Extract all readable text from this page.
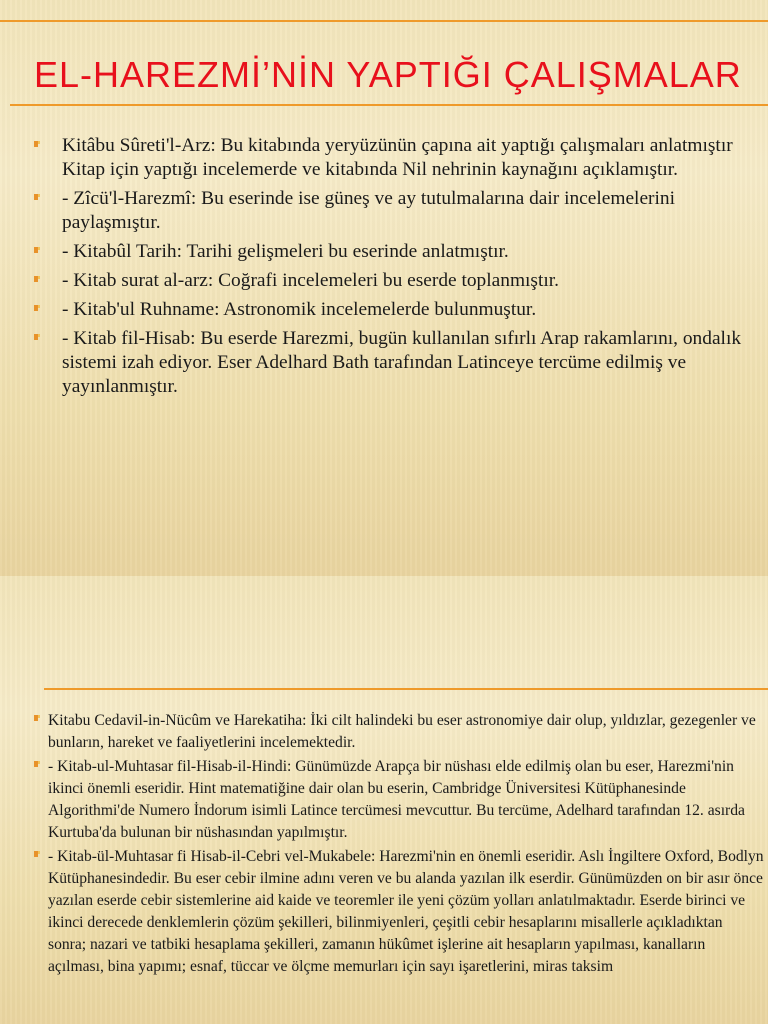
EL-HAREZMİ’NİN YAPTIĞI ÇALIŞMALAR
Kitâbu Sûreti'l-Arz: Bu kitabında yeryüzünün çapına ait yaptığı çalışmaları anlatmıştır Kitap için yaptığı incelemerde ve kitabında Nil nehrinin kaynağını açıklamıştır.
- Zîcü'l-Harezmî: Bu eserinde ise güneş ve ay tutulmalarına dair incelemelerini paylaşmıştır.
- Kitabûl Tarih: Tarihi gelişmeleri bu eserinde anlatmıştır.
- Kitab surat al-arz: Coğrafi incelemeleri bu eserde toplanmıştır.
- Kitab'ul Ruhname: Astronomik incelemelerde bulunmuştur.
- Kitab fil-Hisab: Bu eserde Harezmi, bugün kullanılan sıfırlı Arap rakamlarını, ondalık sistemi izah ediyor. Eser Adelhard Bath tarafından Latinceye tercüme edilmiş ve yayınlanmıştır.
Kitabu Cedavil-in-Nücûm ve Harekatiha: İki cilt halindeki bu eser astronomiye dair olup, yıldızlar, gezegenler ve bunların, hareket ve faaliyetlerini incelemektedir.
- Kitab-ul-Muhtasar fil-Hisab-il-Hindi: Günümüzde Arapça bir nüshası elde edilmiş olan bu eser, Harezmi'nin ikinci önemli eseridir. Hint matematiğine dair olan bu eserin, Cambridge Üniversitesi Kütüphanesinde Algorithmi'de Numero İndorum isimli Latince tercümesi mevcuttur. Bu tercüme, Adelhard tarafından 12. asırda Kurtuba'da bulunan bir nüshasından yapılmıştır.
- Kitab-ül-Muhtasar fi Hisab-il-Cebri vel-Mukabele: Harezmi'nin en önemli eseridir. Aslı İngiltere Oxford, Bodlyn Kütüphanesindedir. Bu eser cebir ilmine adını veren ve bu alanda yazılan ilk eserdir. Günümüzden on bir asır önce yazılan eserde cebir sistemlerine aid kaide ve teoremler ile yeni çözüm yolları anlatılmaktadır. Eserde birinci ve ikinci derecede denklemlerin çözüm şekilleri, bilinmiyenleri, çeşitli cebir hesaplarını misallerle açıkladıktan sonra; nazari ve tatbiki hesaplama şekilleri, zamanın hükûmet işlerine ait hesapların yapılması, kanalların açılması, bina yapımı; esnaf, tüccar ve ölçme memurları için sayı işaretlerini, miras taksim
